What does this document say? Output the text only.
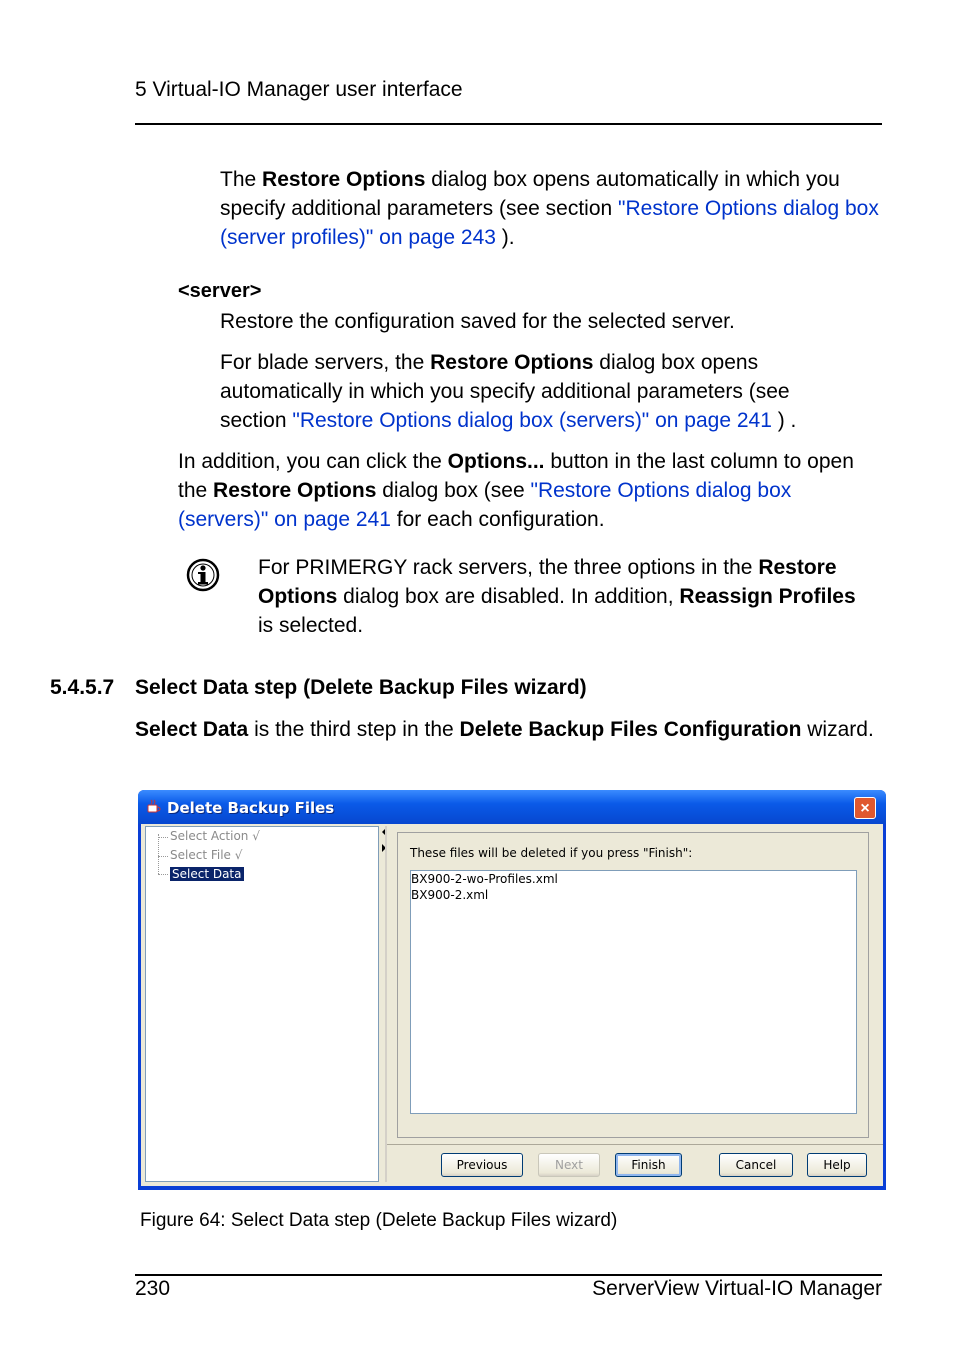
5 Virtual-IO Manager user interface

The Restore Options dialog box opens automatically in which you specify additional parameters (see section "Restore Options dialog box (server profiles)" on page 243 ).

<server>

Restore the configuration saved for the selected server.

For blade servers, the Restore Options dialog box opens automatically in which you specify additional parameters (see section "Restore Options dialog box (servers)" on page 241 ) .

In addition, you can click the Options... button in the last column to open the Restore Options dialog box (see "Restore Options dialog box (servers)" on page 241 for each configuration.

For PRIMERGY rack servers, the three options in the Restore Options dialog box are disabled. In addition, Reassign Profiles is selected.

5.4.5.7 Select Data step (Delete Backup Files wizard)

Select Data is the third step in the Delete Backup Files Configuration wizard.

Delete Backup Files	×
Select Action √
Select File √
Select Data
These files will be deleted if you press "Finish":
BX900-2-wo-Profiles.xml
BX900-2.xml
Previous	Next	Finish	Cancel	Help
Figure 64: Select Data step (Delete Backup Files wizard)
230	ServerView Virtual-IO Manager
